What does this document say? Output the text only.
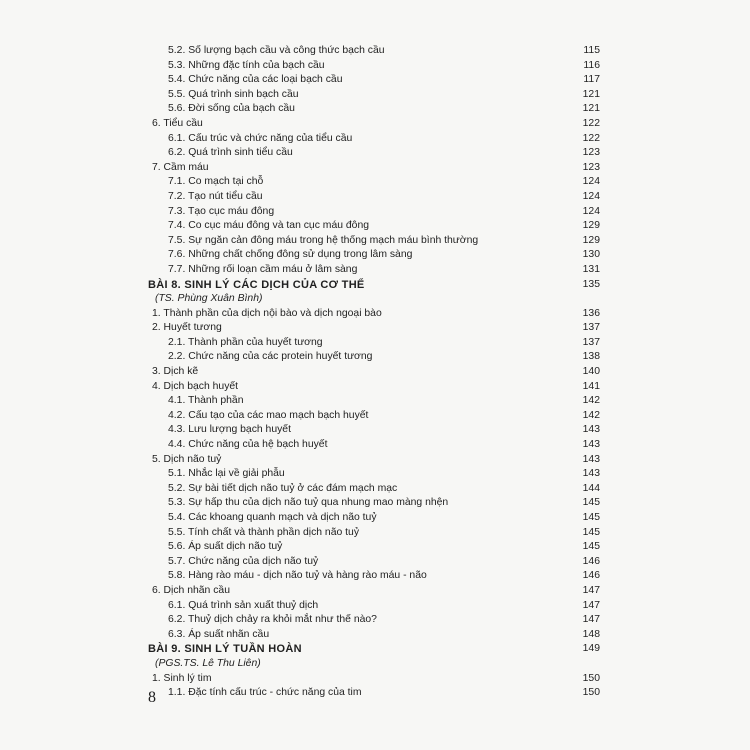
5.2. Số lượng bạch cầu và công thức bạch cầu	115
5.3. Những đặc tính của bạch cầu	116
5.4. Chức năng của các loại bạch cầu	117
5.5. Quá trình sinh bạch cầu	121
5.6. Đời sống của bạch cầu	121
6. Tiểu cầu	122
6.1. Cấu trúc và chức năng của tiểu cầu	122
6.2. Quá trình sinh tiểu cầu	123
7. Cầm máu	123
7.1. Co mạch tại chỗ	124
7.2. Tạo nút tiểu cầu	124
7.3. Tạo cục máu đông	124
7.4. Co cục máu đông và tan cục máu đông	129
7.5. Sự ngăn cản đông máu trong hệ thống mạch máu bình thường	129
7.6. Những chất chống đông sử dụng trong lâm sàng	130
7.7. Những rối loạn cầm máu ở lâm sàng	131
BÀI 8. SINH LÝ CÁC DỊCH CỦA CƠ THỂ	135
(TS. Phùng Xuân Bình)
1. Thành phần của dịch nội bào và dịch ngoại bào	136
2. Huyết tương	137
2.1. Thành phần của huyết tương	137
2.2. Chức năng của các protein huyết tương	138
3. Dịch kẽ	140
4. Dịch bạch huyết	141
4.1. Thành phần	142
4.2. Cấu tạo của các mao mạch bạch huyết	142
4.3. Lưu lượng bạch huyết	143
4.4. Chức năng của hệ bạch huyết	143
5. Dịch não tuỷ	143
5.1. Nhắc lại về giải phẫu	143
5.2. Sự bài tiết dịch não tuỷ ở các đám mạch mạc	144
5.3. Sự hấp thu của dịch não tuỷ qua nhung mao màng nhện	145
5.4. Các khoang quanh mạch và dịch não tuỷ	145
5.5. Tính chất và thành phần dịch não tuỷ	145
5.6. Áp suất dịch não tuỷ	145
5.7. Chức năng của dịch não tuỷ	146
5.8. Hàng rào máu - dịch não tuỷ và hàng rào máu - não	146
6. Dịch nhãn cầu	147
6.1. Quá trình sản xuất thuỷ dịch	147
6.2. Thuỷ dịch chảy ra khỏi mắt như thế nào?	147
6.3. Áp suất nhãn cầu	148
BÀI 9. SINH LÝ TUẦN HOÀN	149
(PGS.TS. Lê Thu Liên)
1. Sinh lý tim	150
1.1. Đặc tính cấu trúc - chức năng của tim	150
8
